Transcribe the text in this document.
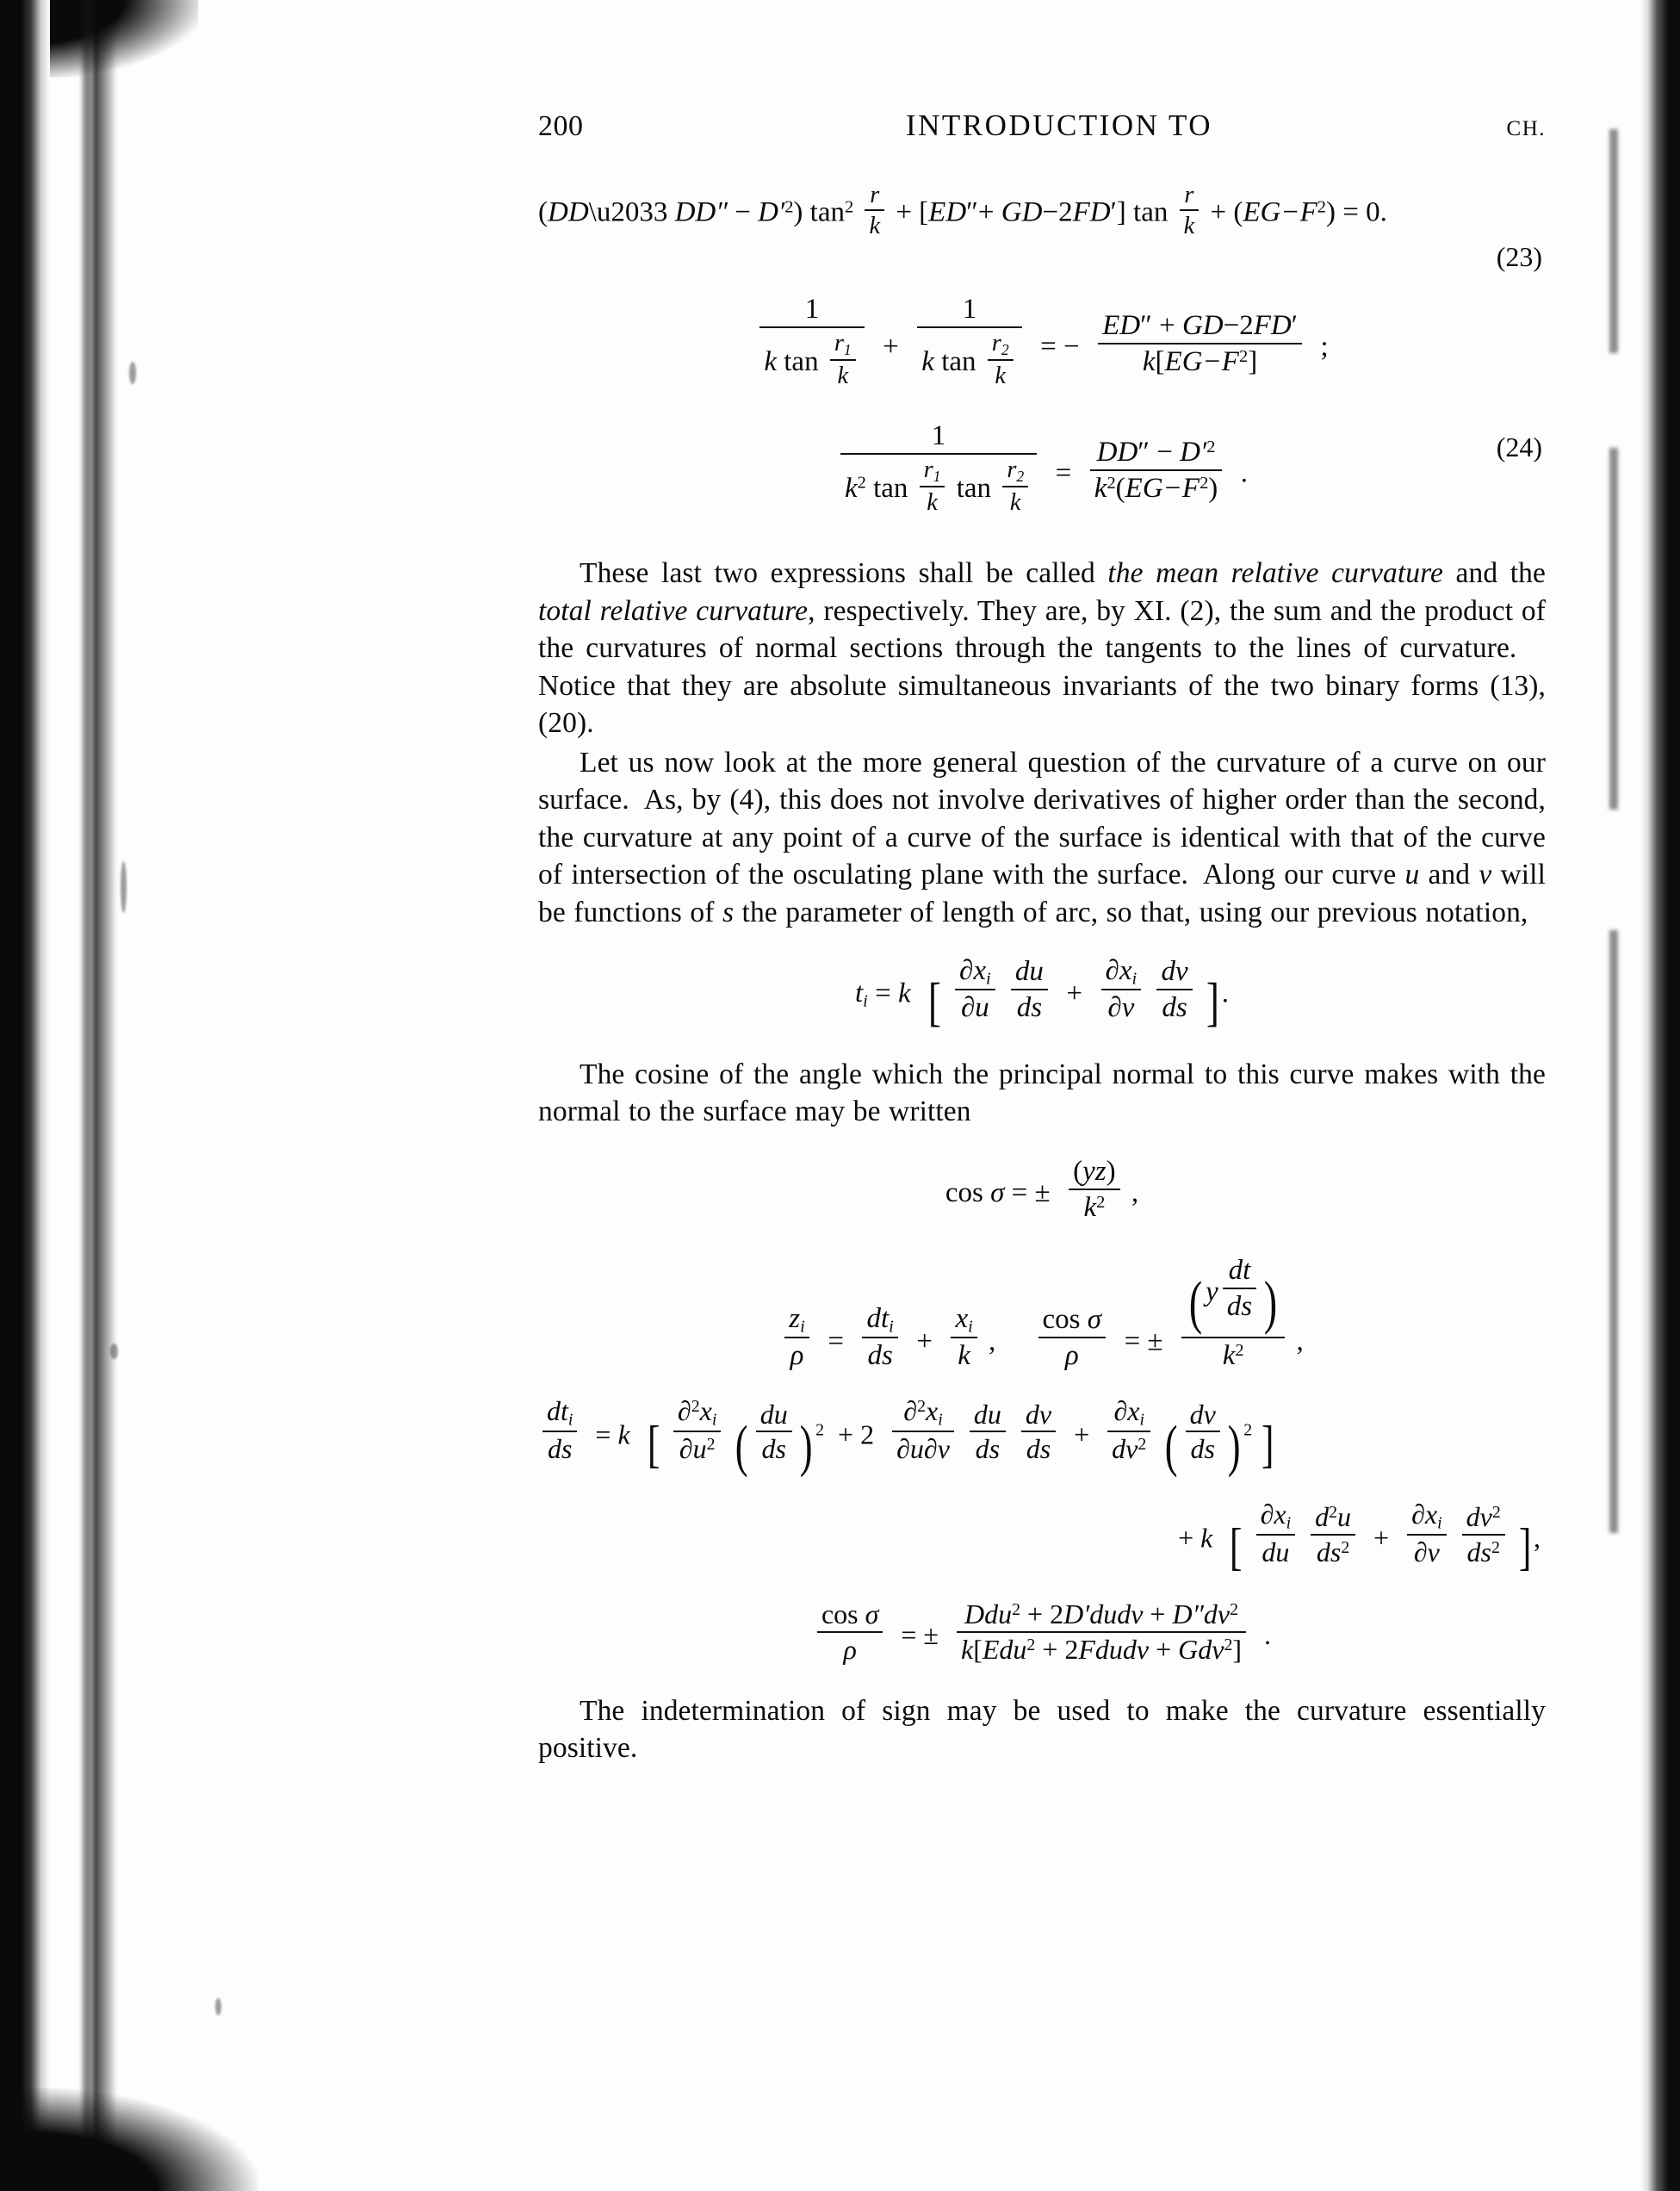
200	INTRODUCTION TO	CH.
(DD\u2033 $DD'' - D'^2$) $\tan^2 \frac{r}{k} + [ED''+ GD-2FD']$ $\tan \frac{r}{k} + (EG-F^2) = 0$.
(23)
$\frac{1}{k \tan \frac{r_1}{k}} + \frac{1}{k \tan \frac{r_2}{k}}$ = − $\frac{ED'' + GD-2FD'}{k[EG-F^2]}$ ;
$\frac{1}{k^2 \tan \frac{r_1}{k} \tan \frac{r_2}{k}} = \frac{DD'' - D'^2}{k^2(EG-F^2)}$ .
(24)

These last two expressions shall be called the mean relative curvature and the total relative curvature, respectively. They are, by XI. (2), the sum and the product of the curvatures of normal sections through the tangents to the lines of curvature. Notice that they are absolute simultaneous invariants of the two binary forms (13), (20).

Let us now look at the more general question of the curvature of a curve on our surface. As, by (4), this does not involve derivatives of higher order than the second, the curvature at any point of a curve of the surface is identical with that of the curve of intersection of the osculating plane with the surface. Along our curve u and v will be functions of s the parameter of length of arc, so that, using our previous notation,

$t_i = k$ [ $\frac{\partial x_i}{\partial u}$
$\frac{du}{ds} + \frac{\partial x_i}{\partial v}$
$\frac{dv}{ds}$ ].

The cosine of the angle which the principal normal to this curve makes with the normal to the surface may be written

cos σ = ± $\frac{(yz)}{k^2}$ ,
$\frac{z_i}{\rho} = \frac{dt_i}{ds} + \frac{x_i}{k}$ , $\frac{\text{cos σ}}{\rho}$ = ± $\frac{( y \frac{dt}{ds} )}{k^2}$ ,
$\frac{dt_i}{ds} = k$ [ $\frac{\partial^2x_i}{\partial u^2}$ ( $\frac{du}{ds}$ ) $^2 + 2 \frac{\partial^2x_i}{\partial u\partial v}$
$\frac{du}{ds}$
$\frac{dv}{ds} + \frac{\partial x_i}{dv^2}$ ( $\frac{dv}{ds}$ ) $^2$ ]
+ k [ $\frac{\partial x_i}{du}$
$\frac{d^2u}{ds^2} + \frac{\partial x_i}{\partial v}$
$\frac{dv^2}{ds^2}$ ],
$\frac{\text{cos σ}}{\rho}$ = ± $\frac{Ddu^2 + 2D'dudv + D''dv^2}{k[Edu^2 + 2Fdudv + Gdv^2]}$ .

The indetermination of sign may be used to make the curvature essentially positive.
